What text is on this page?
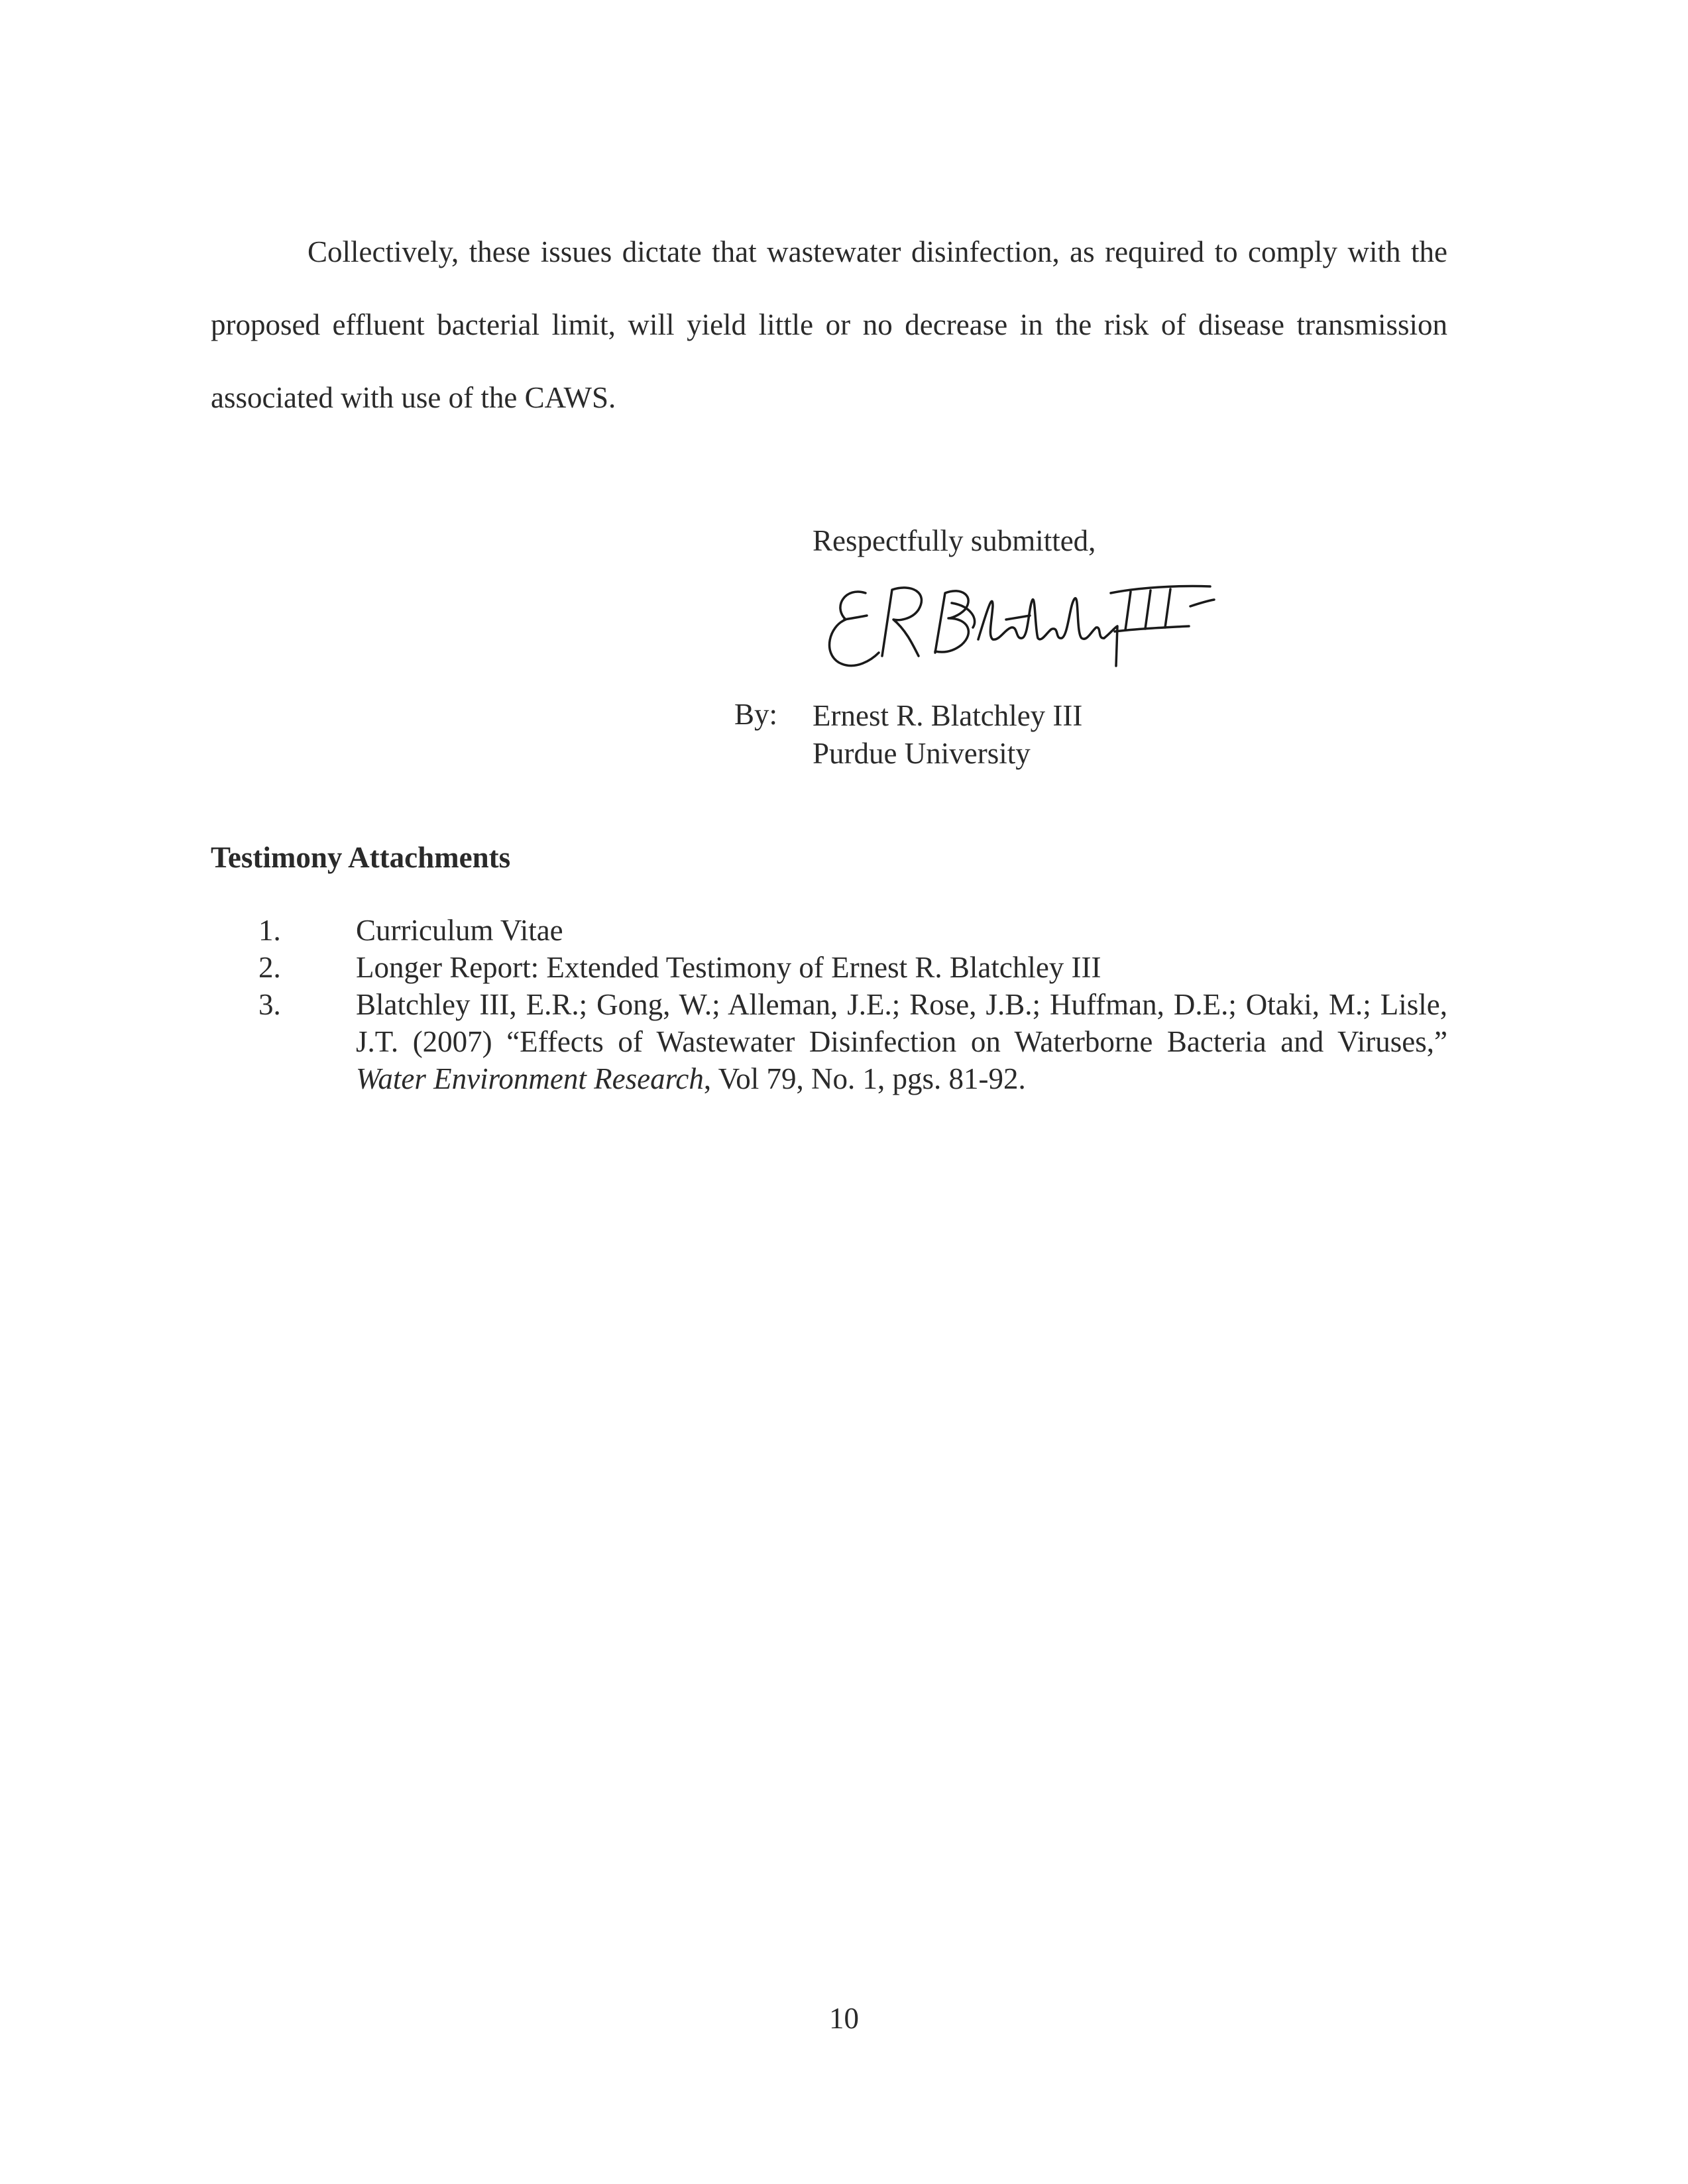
Collectively, these issues dictate that wastewater disinfection, as required to comply with the proposed effluent bacterial limit, will yield little or no decrease in the risk of disease transmission associated with use of the CAWS.

Respectfully submitted,

By: Ernest R. Blatchley III
Purdue University
Testimony Attachments
1.	Curriculum Vitae
2.	Longer Report: Extended Testimony of Ernest R. Blatchley III
3.	Blatchley III, E.R.; Gong, W.; Alleman, J.E.; Rose, J.B.; Huffman, D.E.; Otaki, M.; Lisle, J.T. (2007) “Effects of Wastewater Disinfection on Waterborne Bacteria and Viruses,” Water Environment Research, Vol 79, No. 1, pgs. 81-92.
10
